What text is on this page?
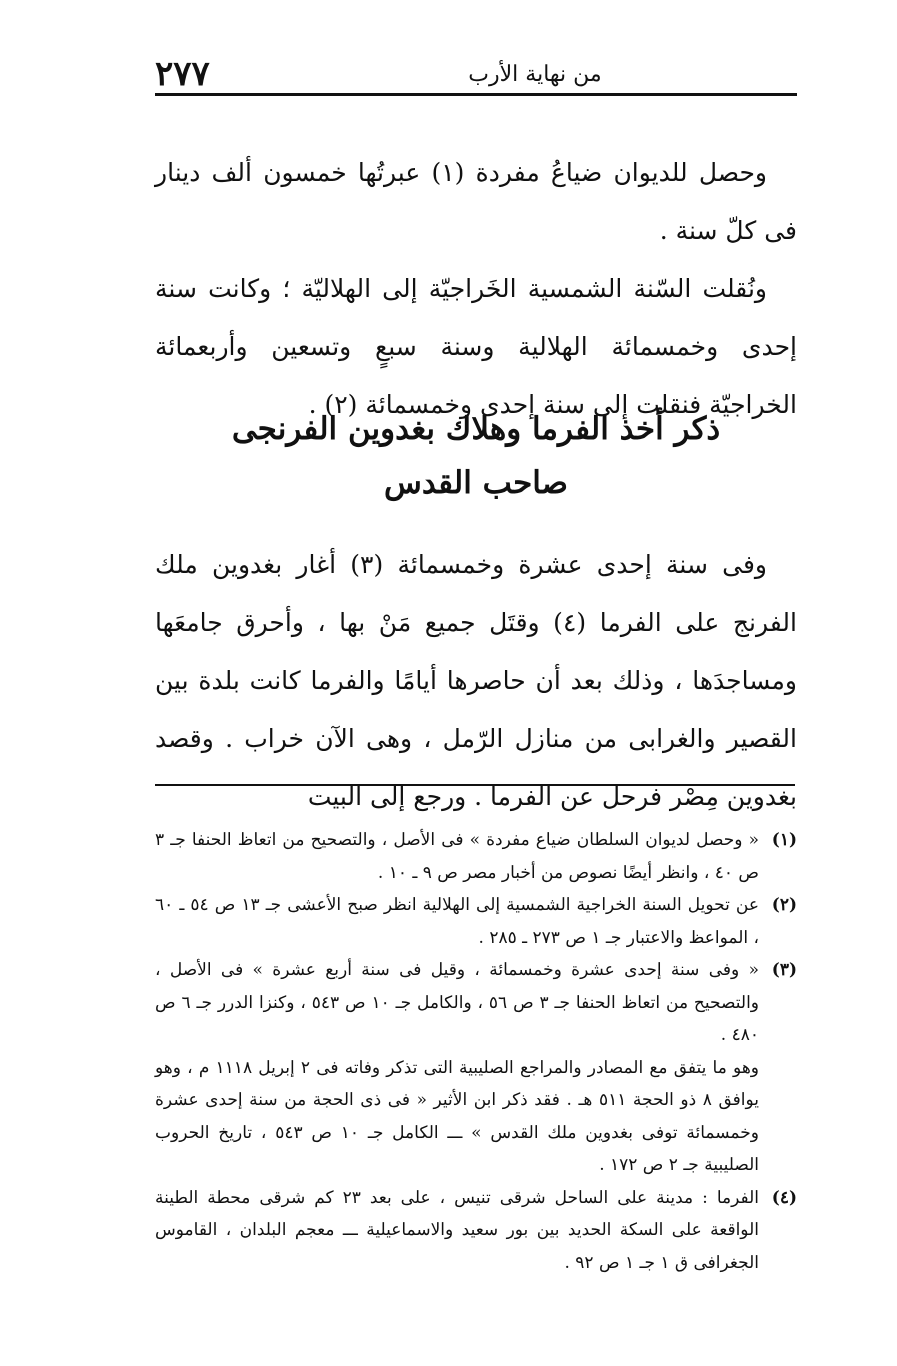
٢٧٧	من نهاية الأرب

وحصل للديوان ضياعُ مفردة (١) عبرتُها خمسون ألف دينار فى كلّ سنة .

ونُقلت السّنة الشمسية الخَراجيّة إلى الهلاليّة ؛ وكانت سنة إحدى وخمسمائة الهلالية وسنة سبعٍ وتسعين وأربعمائة الخراجيّة فنقلت إلى سنة إحدى وخمسمائة (٢) .

ذكر أخذ الفرما وهلاك بغدوين الفرنجى
صاحب القدس

وفى سنة إحدى عشرة وخمسمائة (٣) أغار بغدوين ملك الفرنج على الفرما (٤) وقتَل جميع مَنْ بها ، وأحرق جامعَها ومساجدَها ، وذلك بعد أن حاصرها أيامًا والفرما كانت بلدة بين القصير والغرابى من منازل الرّمل ، وهى الآن خراب . وقصد بغدوين مِصْر فرحل عن الفرما . ورجع إلى البيت

(١)
« وحصل لديوان السلطان ضياع مفردة » فى الأصل ، والتصحيح من اتعاظ الحنفا جـ ٣ ص ٤٠ ، وانظر أيضًا نصوص من أخبار مصر ص ٩ ـ ١٠ .
(٢)
عن تحويل السنة الخراجية الشمسية إلى الهلالية انظر صبح الأعشى جـ ١٣ ص ٥٤ ـ ٦٠ ، المواعظ والاعتبار جـ ١ ص ٢٧٣ ـ ٢٨٥ .
(٣)
« وفى سنة إحدى عشرة وخمسمائة ، وقيل فى سنة أربع عشرة » فى الأصل ، والتصحيح من اتعاظ الحنفا جـ ٣ ص ٥٦ ، والكامل جـ ١٠ ص ٥٤٣ ، وكنزا الدرر جـ ٦ ص ٤٨٠ .
وهو ما يتفق مع المصادر والمراجع الصليبية التى تذكر وفاته فى ٢ إبريل ١١١٨ م ، وهو يوافق ٨ ذو الحجة ٥١١ هـ . فقد ذكر ابن الأثير « فى ذى الحجة من سنة إحدى عشرة وخمسمائة توفى بغدوين ملك القدس » ـــ الكامل جـ ١٠ ص ٥٤٣ ، تاريخ الحروب الصليبية جـ ٢ ص ١٧٢ .
(٤)
الفرما : مدينة على الساحل شرقى تنيس ، على بعد ٢٣ كم شرقى محطة الطينة الواقعة على السكة الحديد بين بور سعيد والاسماعيلية ـــ معجم البلدان ، القاموس الجغرافى ق ١ جـ ١ ص ٩٢ .
